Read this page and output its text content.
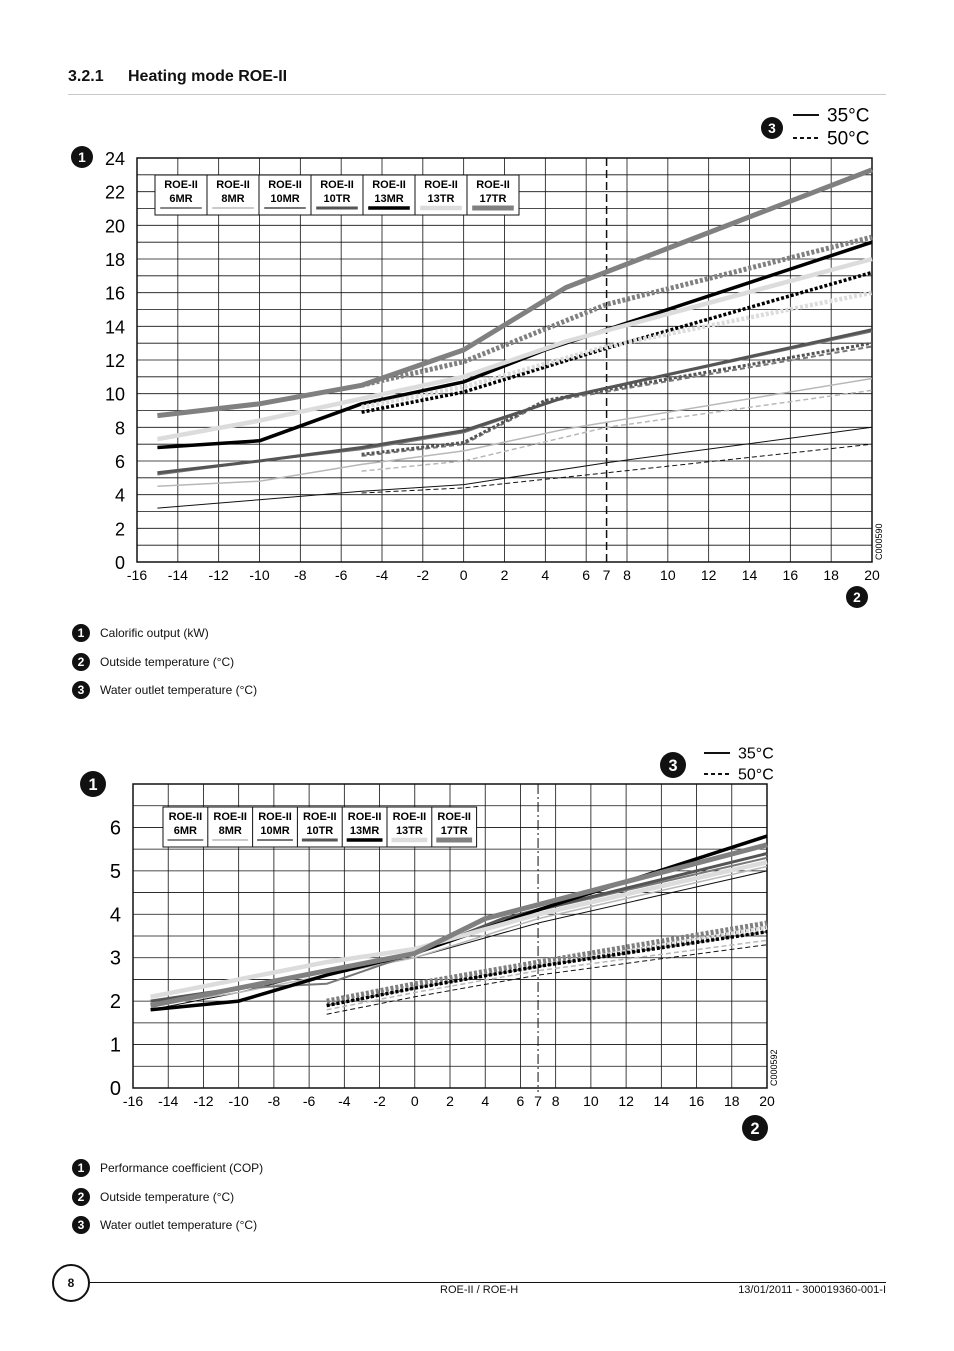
3.2.1 Heating mode ROE-II
-16 -14 -12 -10 -8 -6 -4 -2 0 2 4 6 7 8 10 12 14 16 18 20
0
2
4
6
8
10
12
14
16
18
20
22
24
C000590
ROE-II
6MR
ROE-II
8MR
ROE-II
10MR
ROE-II
10TR
ROE-II
13MR
ROE-II
13TR
ROE-II
17TR
1
2
3
35°C
50°C
1	Calorific output (kW)
2	Outside temperature (°C)
3	Water outlet temperature (°C)
-16 -14 -12 -10 -8 -6 -4 -2 0 2 4 6 7 8 10 12 14 16 18 20
0
1
2
3
4
5
6
C000592
ROE-II
6MR
ROE-II
8MR
ROE-II
10MR
ROE-II
10TR
ROE-II
13MR
ROE-II
13TR
ROE-II
17TR
1
2
3
35°C
50°C
1	Performance coefficient (COP)
2	Outside temperature (°C)
3	Water outlet temperature (°C)
8	ROE-II / ROE-H	13/01/2011 - 300019360-001-I
